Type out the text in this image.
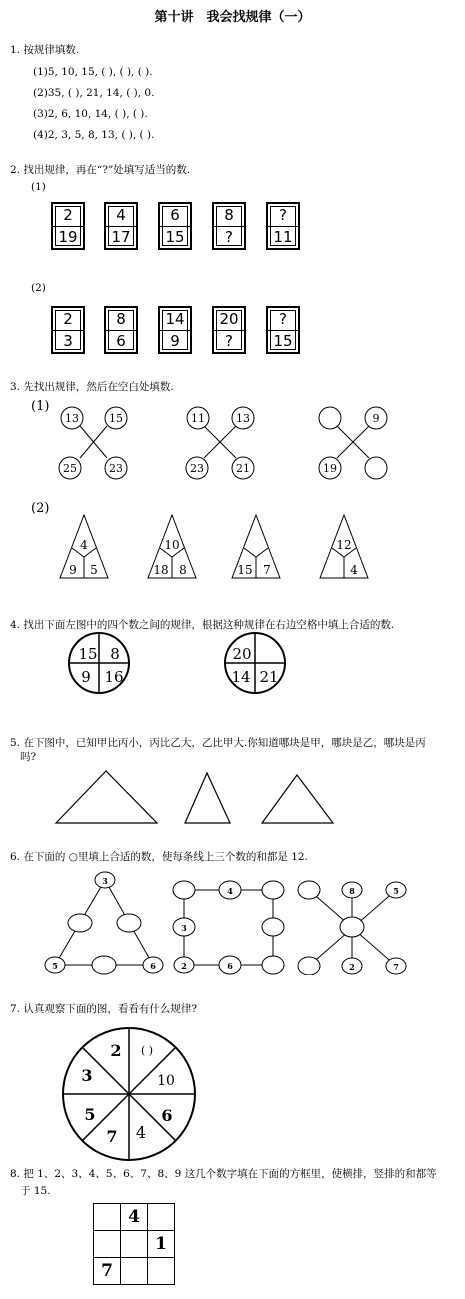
第十讲　我会找规律（一）
1. 按规律填数.
(1)5, 10, 15, ( ), ( ), ( ).
(2)35, ( ), 21, 14, ( ), 0.
(3)2, 6, 10, 14, ( ), ( ).
(4)2, 3, 5, 8, 13, ( ), ( ).
2. 找出规律，再在“?”处填写适当的数.
(1)
2
19
4
17
6
15
8
?
?
11
(2)
2
3
8
6
14
9
20
?
?
15
3. 先找出规律，然后在空白处填数.
(1)
13	15
25	23
11	13
23	21
9
19
4
9 5
10
18 8	15 7
12
4
(2)
4. 找出下面左图中的四个数之间的规律，根据这种规律在右边空格中填上合适的数.
15 8
9 16
20
14 21
5. 在下图中，已知甲比丙小，丙比乙大，乙比甲大.你知道哪块是甲，哪块是乙，哪块是丙
吗?
6. 在下面的 ○里填上合适的数，使每条线上三个数的和都是 12.
3
5	6
4
3
2	6
8	5
2	7
7. 认真观察下面的图，看看有什么规律?
2 ( )
10
6
4
7
5
3
8. 把 1、2、3、4、5、6、7、8、9 这几个数字填在下面的方框里，使横排，竖排的和都等
于 15.
	4	
		1
7		
